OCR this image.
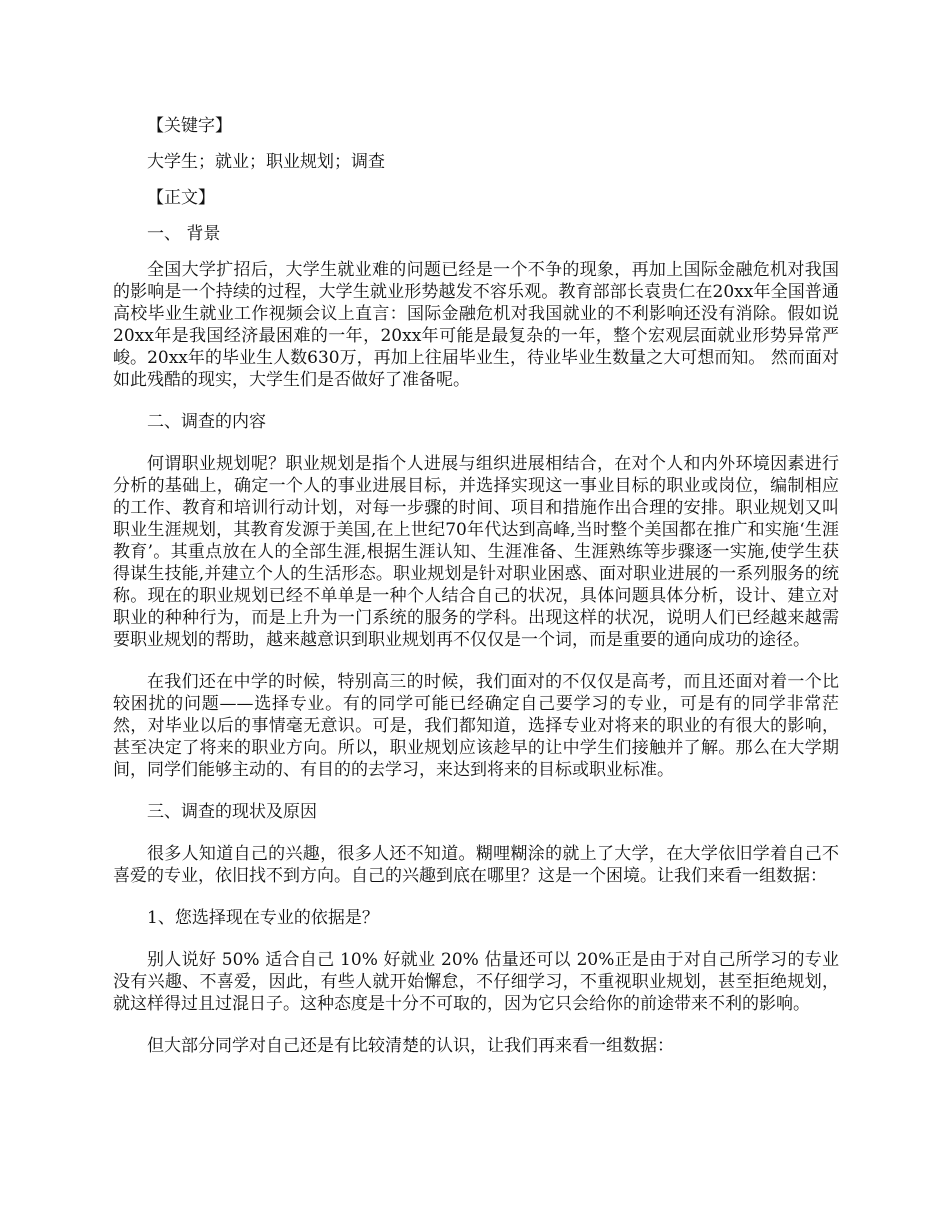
【关键字】

大学生；就业；职业规划；调查

【正文】

一、 背景

全国大学扩招后，大学生就业难的问题已经是一个不争的现象，再加上国际金融危机对我国的影响是一个持续的过程，大学生就业形势越发不容乐观。教育部部长袁贵仁在20xx年全国普通高校毕业生就业工作视频会议上直言：国际金融危机对我国就业的不利影响还没有消除。假如说20xx年是我国经济最困难的一年，20xx年可能是最复杂的一年，整个宏观层面就业形势异常严峻。20xx年的毕业生人数630万，再加上往届毕业生，待业毕业生数量之大可想而知。 然而面对如此残酷的现实，大学生们是否做好了准备呢。

二、调查的内容

何谓职业规划呢？职业规划是指个人进展与组织进展相结合，在对个人和内外环境因素进行分析的基础上，确定一个人的事业进展目标，并选择实现这一事业目标的职业或岗位，编制相应的工作、教育和培训行动计划，对每一步骤的时间、项目和措施作出合理的安排。职业规划又叫职业生涯规划，其教育发源于美国,在上世纪70年代达到高峰,当时整个美国都在推广和实施‘生涯教育’。其重点放在人的全部生涯,根据生涯认知、生涯准备、生涯熟练等步骤逐一实施,使学生获得谋生技能,并建立个人的生活形态。职业规划是针对职业困惑、面对职业进展的一系列服务的统称。现在的职业规划已经不单单是一种个人结合自己的状况，具体问题具体分析，设计、建立对职业的种种行为，而是上升为一门系统的服务的学科。出现这样的状况，说明人们已经越来越需要职业规划的帮助，越来越意识到职业规划再不仅仅是一个词，而是重要的通向成功的途径。

在我们还在中学的时候，特别高三的时候，我们面对的不仅仅是高考，而且还面对着一个比较困扰的问题——选择专业。有的同学可能已经确定自己要学习的专业，可是有的同学非常茫然，对毕业以后的事情毫无意识。可是，我们都知道，选择专业对将来的职业的有很大的影响，甚至决定了将来的职业方向。所以，职业规划应该趁早的让中学生们接触并了解。那么在大学期间，同学们能够主动的、有目的的去学习，来达到将来的目标或职业标准。

三、调查的现状及原因

很多人知道自己的兴趣，很多人还不知道。糊哩糊涂的就上了大学，在大学依旧学着自己不喜爱的专业，依旧找不到方向。自己的兴趣到底在哪里？这是一个困境。让我们来看一组数据：

1、您选择现在专业的依据是？

别人说好 50% 适合自己 10% 好就业 20% 估量还可以 20%正是由于对自己所学习的专业没有兴趣、不喜爱，因此，有些人就开始懈怠，不仔细学习，不重视职业规划，甚至拒绝规划，就这样得过且过混日子。这种态度是十分不可取的，因为它只会给你的前途带来不利的影响。

但大部分同学对自己还是有比较清楚的认识，让我们再来看一组数据：
